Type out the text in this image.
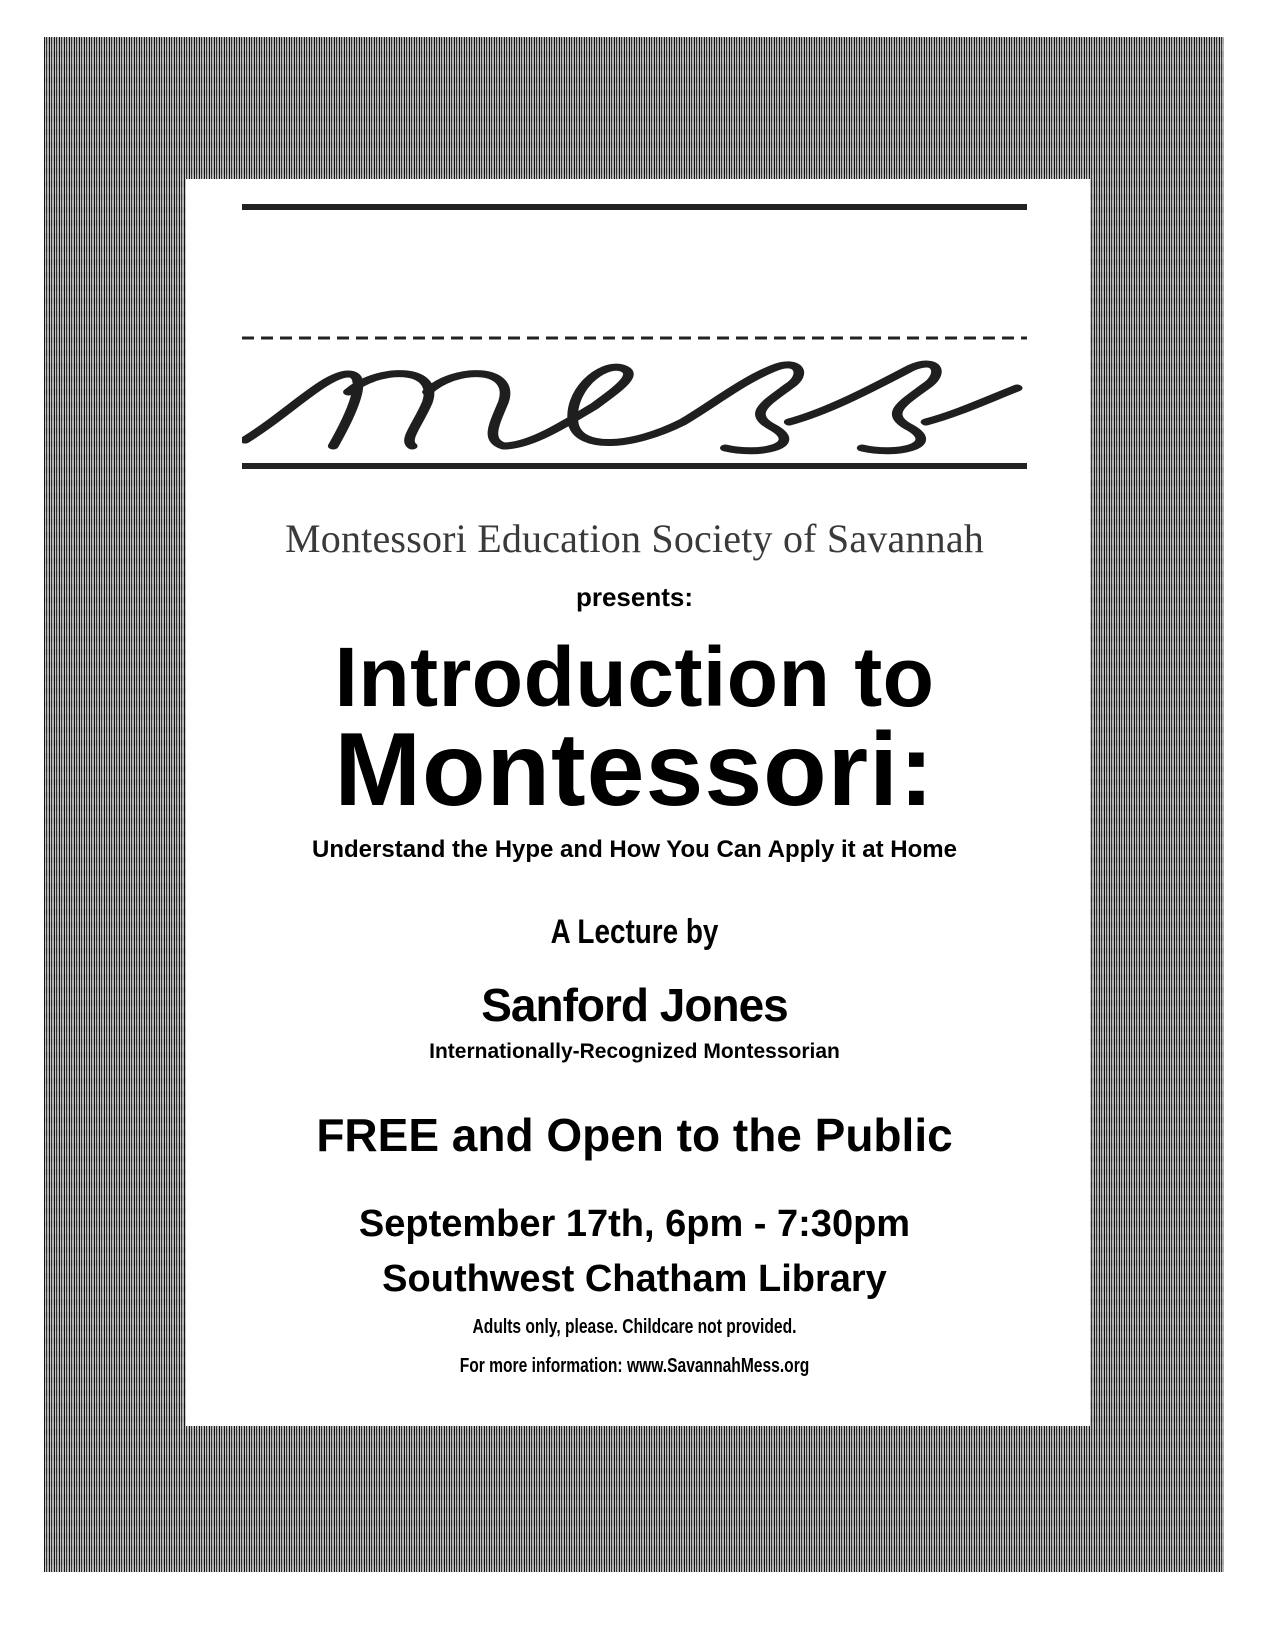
Montessori Education Society of Savannah
presents:
Introduction to
Montessori:
Understand the Hype and How You Can Apply it at Home
A Lecture by
Sanford Jones
Internationally-Recognized Montessorian
FREE and Open to the Public
September 17th, 6pm - 7:30pm
Southwest Chatham Library
Adults only, please. Childcare not provided.
For more information: www.SavannahMess.org
